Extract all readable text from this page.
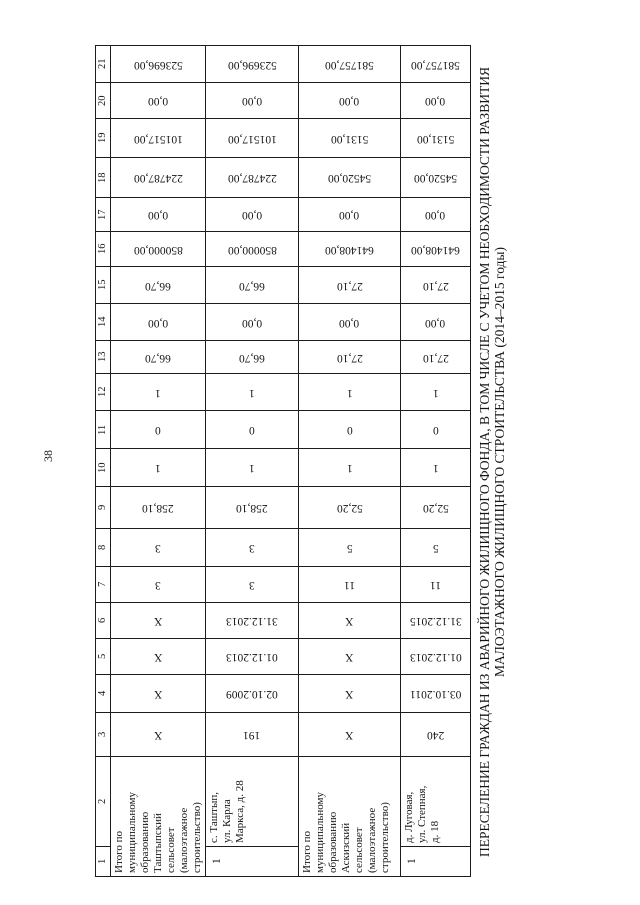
38
1
2
3
4
5
6
7
8
9
10
11
12
13
14
15
16
17
18
19
20
21
Итого по
муниципальному
образованию
Таштыпский
сельсовет
(малоэтажное
строительство)
Х
Х
Х
Х
3
3
258,10
1
0
1
66,70
0,00
66,70
850000,00
0,00
224787,00
101517,00
0,00
523696,00
1
с. Таштып,
ул. Карла
Маркса, д. 28
191
02.10.2009
01.12.2013
31.12.2013
3
3
258,10
1
0
1
66,70
0,00
66,70
850000,00
0,00
224787,00
101517,00
0,00
523696,00
Итого по
муниципальному
образованию
Аскизский
сельсовет
(малоэтажное
строительство)
Х
Х
Х
Х
11
5
52,20
1
0
1
27,10
0,00
27,10
641408,00
0,00
54520,00
5131,00
0,00
581757,00
1
д. Луговая,
ул. Степная,
д. 18
240
03.10.2011
01.12.2013
31.12.2015
11
5
52,20
1
0
1
27,10
0,00
27,10
641408,00
0,00
54520,00
5131,00
0,00
581757,00
ПЕРЕСЕЛЕНИЕ ГРАЖДАН ИЗ АВАРИЙНОГО ЖИЛИЩНОГО ФОНДА, В ТОМ ЧИСЛЕ С УЧЕТОМ НЕОБХОДИМОСТИ РАЗВИТИЯ МАЛОЭТАЖНОГО ЖИЛИЩНОГО СТРОИТЕЛЬСТВА (2014–2015 годы)
